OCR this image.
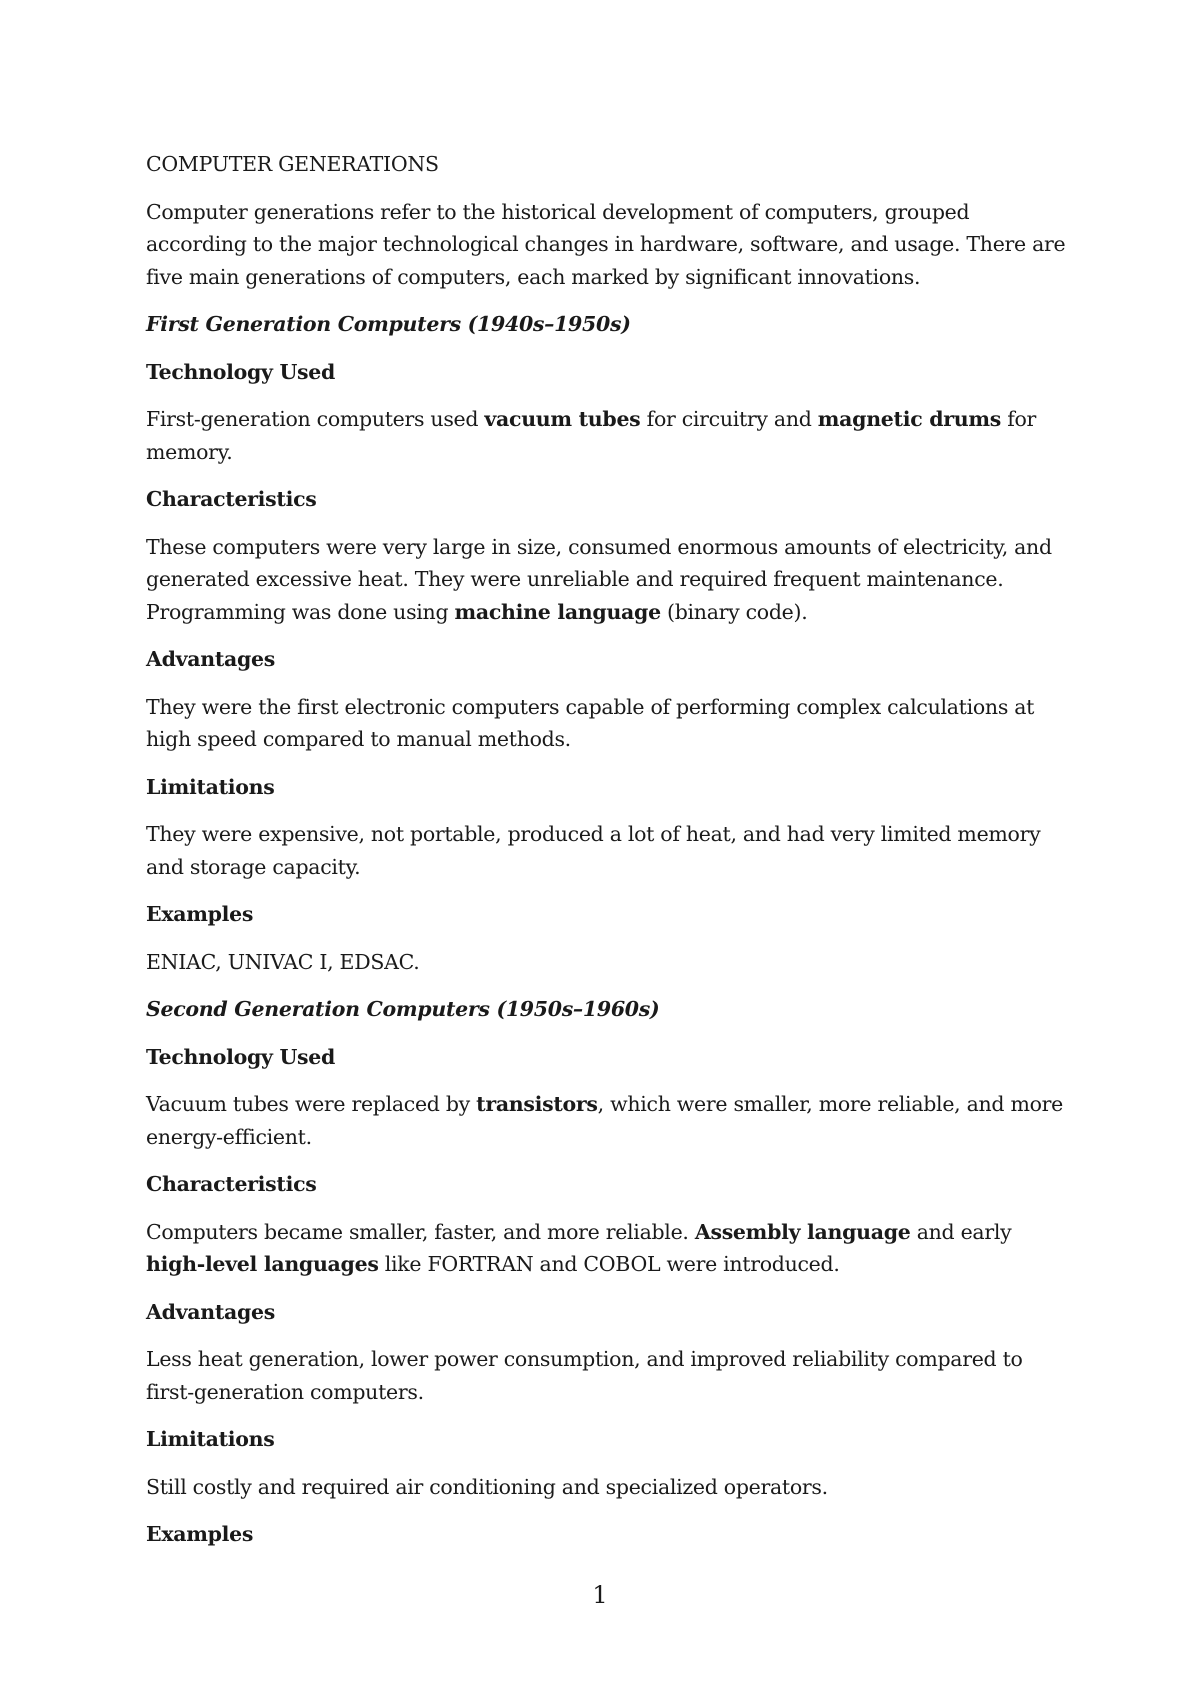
COMPUTER GENERATIONS

Computer generations refer to the historical development of computers, grouped according to the major technological changes in hardware, software, and usage. There are five main generations of computers, each marked by significant innovations.

First Generation Computers (1940s–1950s)

Technology Used

First-generation computers used vacuum tubes for circuitry and magnetic drums for memory.

Characteristics

These computers were very large in size, consumed enormous amounts of electricity, and generated excessive heat. They were unreliable and required frequent maintenance. Programming was done using machine language (binary code).

Advantages

They were the first electronic computers capable of performing complex calculations at high speed compared to manual methods.

Limitations

They were expensive, not portable, produced a lot of heat, and had very limited memory and storage capacity.

Examples

ENIAC, UNIVAC I, EDSAC.

Second Generation Computers (1950s–1960s)

Technology Used

Vacuum tubes were replaced by transistors, which were smaller, more reliable, and more energy-efficient.

Characteristics

Computers became smaller, faster, and more reliable. Assembly language and early high-level languages like FORTRAN and COBOL were introduced.

Advantages

Less heat generation, lower power consumption, and improved reliability compared to first-generation computers.

Limitations

Still costly and required air conditioning and specialized operators.

Examples

1
